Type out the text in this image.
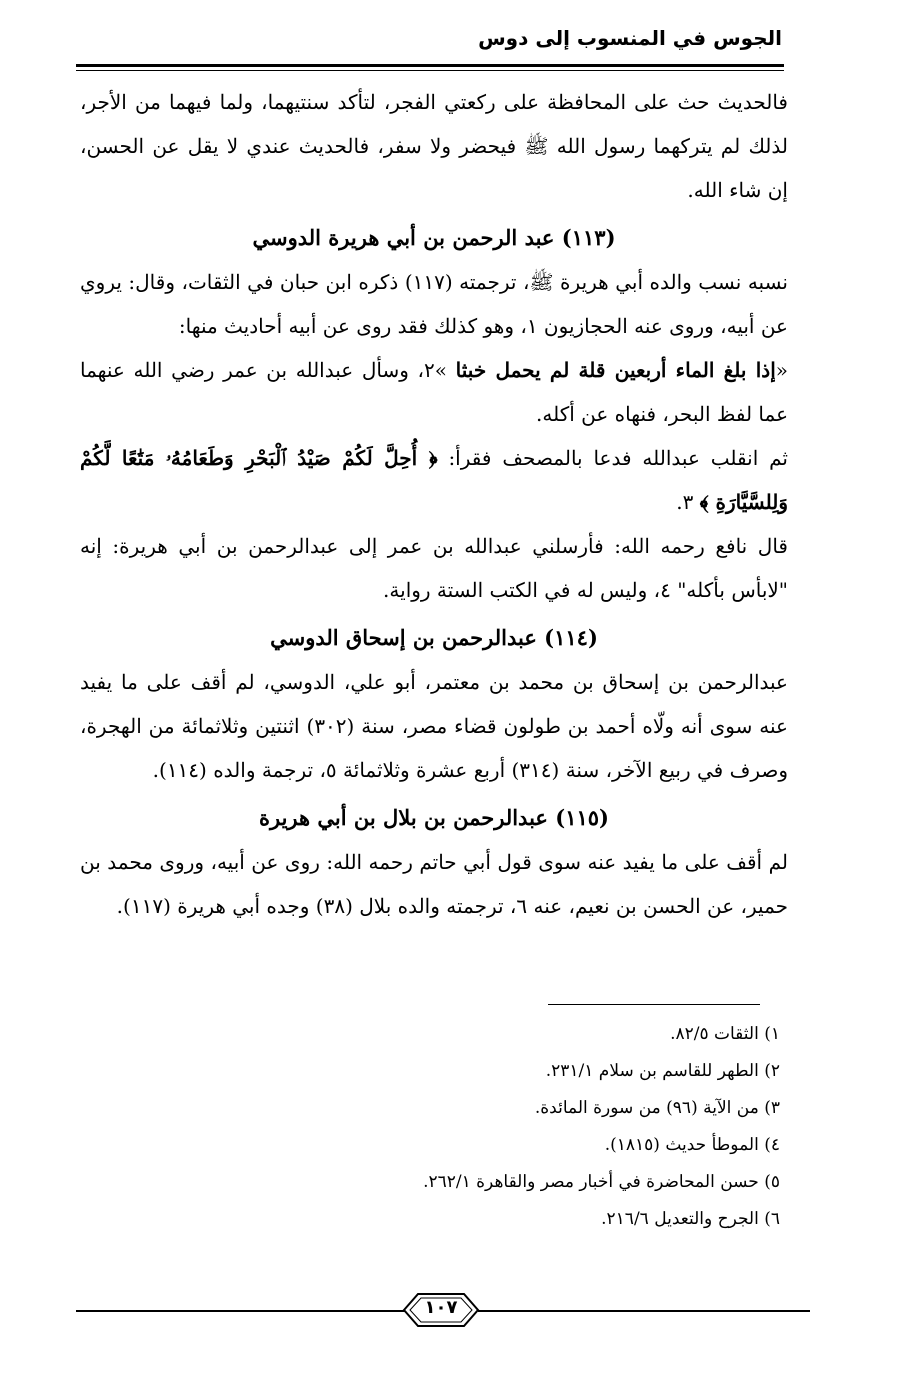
الجوس في المنسوب إلى دوس

فالحديث حث على المحافظة على ركعتي الفجر، لتأكد سنتيهما، ولما فيهما من الأجر، لذلك لم يتركهما رسول الله ﷺ فيحضر ولا سفر، فالحديث عندي لا يقل عن الحسن، إن شاء الله.

(١١٣) عبد الرحمن بن أبي هريرة الدوسي

نسبه نسب والده أبي هريرة ﷺ، ترجمته (١١٧) ذكره ابن حبان في الثقات، وقال: يروي عن أبيه، وروى عنه الحجازيون ١، وهو كذلك فقد روى عن أبيه أحاديث منها:

«إذا بلغ الماء أربعين قلة لم يحمل خبثا »٢، وسأل عبدالله بن عمر رضي الله عنهما عما لفظ البحر، فنهاه عن أكله.

ثم انقلب عبدالله فدعا بالمصحف فقرأ: ﴿ أُحِلَّ لَكُمْ صَيْدُ ٱلْبَحْرِ وَطَعَامُهُۥ مَتَٰعًا لَّكُمْ وَلِلسَّيَّارَةِ ﴾ ٣.

قال نافع رحمه الله: فأرسلني عبدالله بن عمر إلى عبدالرحمن بن أبي هريرة: إنه "لابأس بأكله" ٤، وليس له في الكتب الستة رواية.

(١١٤) عبدالرحمن بن إسحاق الدوسي

عبدالرحمن بن إسحاق بن محمد بن معتمر، أبو علي، الدوسي، لم أقف على ما يفيد عنه سوى أنه ولّاه أحمد بن طولون قضاء مصر، سنة (٣٠٢) اثنتين وثلاثمائة من الهجرة، وصرف في ربيع الآخر، سنة (٣١٤) أربع عشرة وثلاثمائة ٥، ترجمة والده (١١٤).

(١١٥) عبدالرحمن بن بلال بن أبي هريرة

لم أقف على ما يفيد عنه سوى قول أبي حاتم رحمه الله: روى عن أبيه، وروى محمد بن حمير، عن الحسن بن نعيم، عنه ٦، ترجمته والده بلال (٣٨) وجده أبي هريرة (١١٧).

١) الثقات ٨٢/٥.
٢) الطهر للقاسم بن سلام ٢٣١/١.
٣) من الآية (٩٦) من سورة المائدة.
٤) الموطأ حديث (١٨١٥).
٥) حسن المحاضرة في أخبار مصر والقاهرة ٢٦٢/١.
٦) الجرح والتعديل ٢١٦/٦.
١٠٧
